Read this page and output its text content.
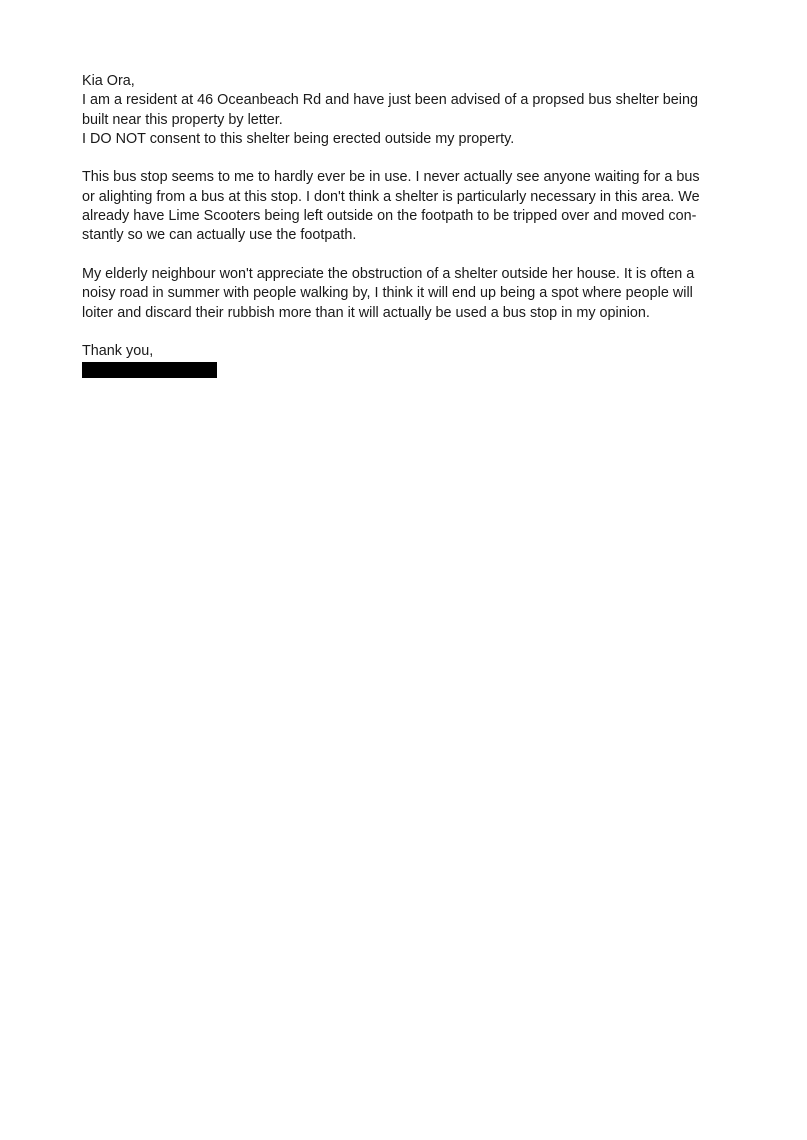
Kia Ora,
I am a resident at 46 Oceanbeach Rd and have just been advised of a propsed bus shelter being
built near this property by letter.
I DO NOT consent to this shelter being erected outside my property.
This bus stop seems to me to hardly ever be in use. I never actually see anyone waiting for a bus
or alighting from a bus at this stop. I don't think a shelter is particularly necessary in this area. We
already have Lime Scooters being left outside on the footpath to be tripped over and moved con-
stantly so we can actually use the footpath.
My elderly neighbour won't appreciate the obstruction of a shelter outside her house. It is often a
noisy road in summer with people walking by, I think it will end up being a spot where people will
loiter and discard their rubbish more than it will actually be used a bus stop in my opinion.
Thank you,
